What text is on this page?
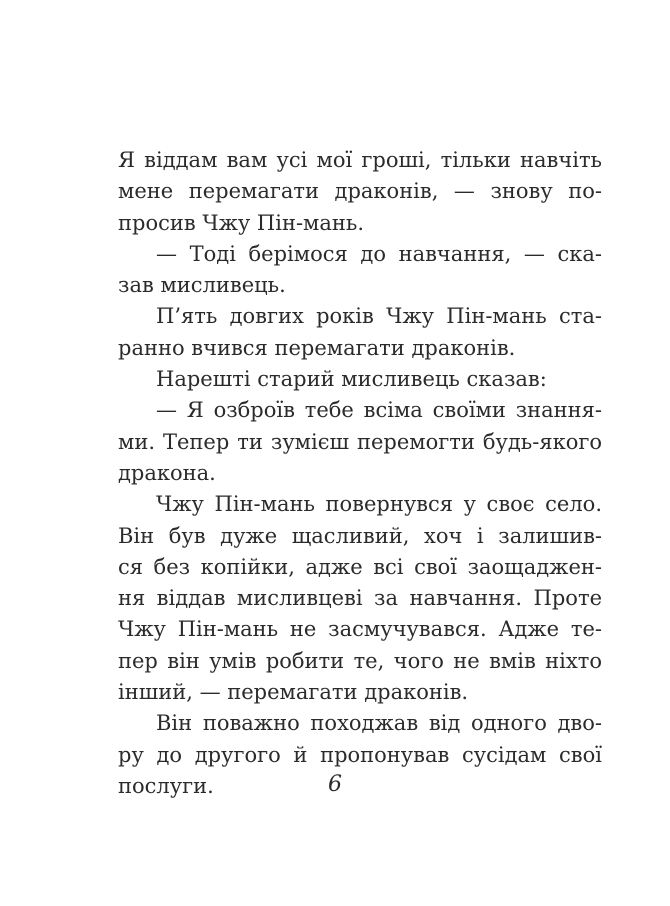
Я віддам вам усі мої гроші, тільки навчіть
мене перемагати драконів, — знову по-
просив Чжу Пін-мань.
— Тоді берімося до навчання, — ска-
зав мисливець.
П’ять довгих років Чжу Пін-мань ста-
ранно вчився перемагати драконів.
Нарешті старий мисливець сказав:
— Я озброїв тебе всіма своїми знання-
ми. Тепер ти зумієш перемогти будь-якого
дракона.
Чжу Пін-мань повернувся у своє село.
Він був дуже щасливий, хоч і залишив-
ся без копійки, адже всі свої заощаджен-
ня віддав мисливцеві за навчання. Проте
Чжу Пін-мань не засмучувався. Адже те-
пер він умів робити те, чого не вмів ніхто
інший, — перемагати драконів.
Він поважно походжав від одного дво-
ру до другого й пропонував сусідам свої
послуги.	6
